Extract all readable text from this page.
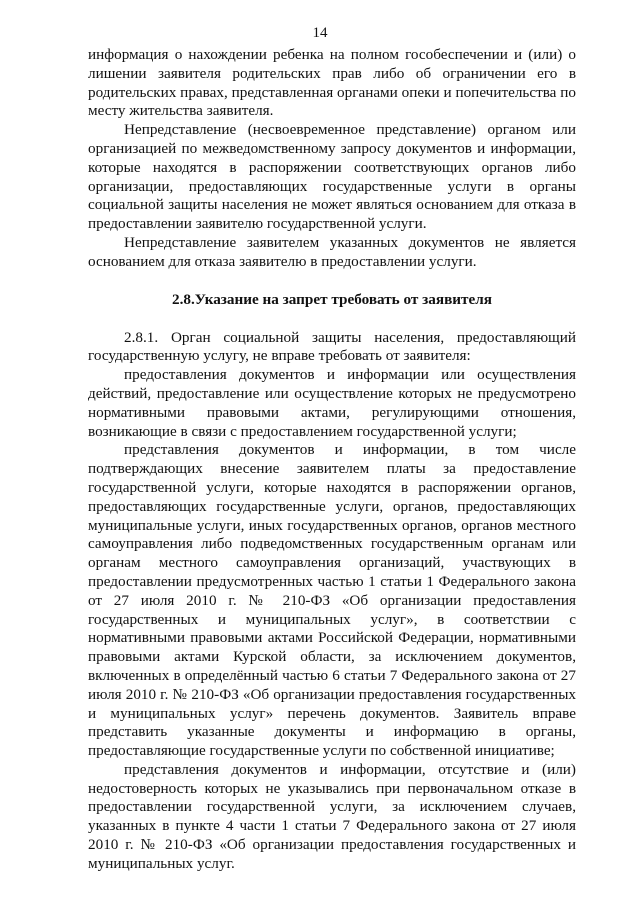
14

информация о нахождении ребенка на полном гособеспечении и (или) о лишении заявителя родительских прав либо об ограничении его в родительских правах, представленная органами опеки и попечительства по месту жительства заявителя.

Непредставление (несвоевременное представление) органом или организацией по межведомственному запросу документов и информации, которые находятся в распоряжении соответствующих органов либо организации, предоставляющих государственные услуги в органы социальной защиты населения не может являться основанием для отказа в предоставлении заявителю государственной услуги.

Непредставление заявителем указанных документов не является основанием для отказа заявителю в предоставлении услуги.

2.8.Указание на запрет требовать от заявителя

2.8.1. Орган социальной защиты населения, предоставляющий государственную услугу, не вправе требовать от заявителя:

предоставления документов и информации или осуществления действий, предоставление или осуществление которых не предусмотрено нормативными правовыми актами, регулирующими отношения, возникающие в связи с предоставлением государственной услуги;

представления документов и информации, в том числе подтверждающих внесение заявителем платы за предоставление государственной услуги, которые находятся в распоряжении органов, предоставляющих государственные услуги, органов, предоставляющих муниципальные услуги, иных государственных органов, органов местного самоуправления либо подведомственных государственным органам или органам местного самоуправления организаций, участвующих в предоставлении предусмотренных частью 1 статьи 1 Федерального закона от 27 июля 2010 г. № 210-ФЗ «Об организации предоставления государственных и муниципальных услуг», в соответствии с нормативными правовыми актами Российской Федерации, нормативными правовыми актами Курской области, за исключением документов, включенных в определённый частью 6 статьи 7 Федерального закона от 27 июля 2010 г. № 210-ФЗ «Об организации предоставления государственных и муниципальных услуг» перечень документов. Заявитель вправе представить указанные документы и информацию в органы, предоставляющие государственные услуги по собственной инициативе;

представления документов и информации, отсутствие и (или) недостоверность которых не указывались при первоначальном отказе в предоставлении государственной услуги, за исключением случаев, указанных в пункте 4 части 1 статьи 7 Федерального закона от 27 июля 2010 г. № 210-ФЗ «Об организации предоставления государственных и муниципальных услуг.
